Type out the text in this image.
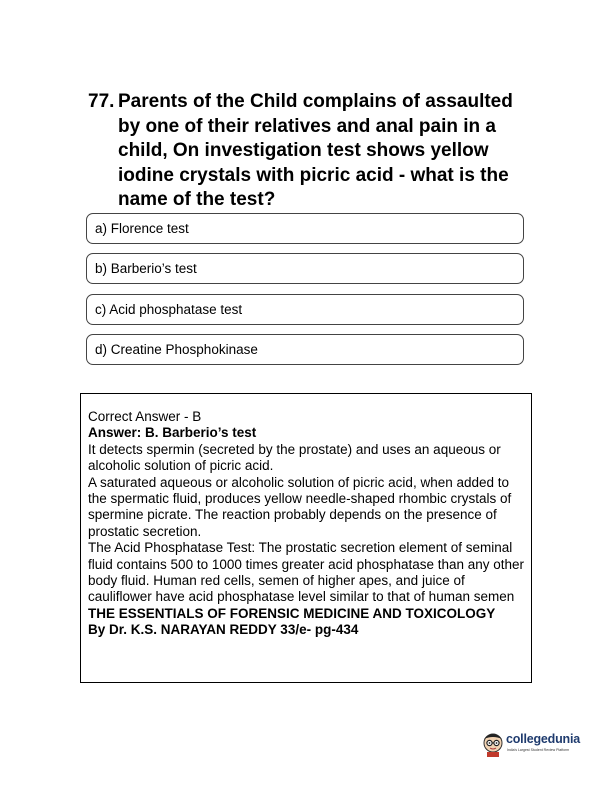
77. Parents of the Child complains of assaulted by one of their relatives and anal pain in a child, On investigation test shows yellow iodine crystals with picric acid - what is the name of the test?
a) Florence test
b) Barberio’s test
c) Acid phosphatase test
d) Creatine Phosphokinase

Correct Answer - B

Answer: B. Barberio’s test

It detects spermin (secreted by the prostate) and uses an aqueous or alcoholic solution of picric acid.

A saturated aqueous or alcoholic solution of picric acid, when added to the spermatic fluid, produces yellow needle-shaped rhombic crystals of spermine picrate. The reaction probably depends on the presence of prostatic secretion.

The Acid Phosphatase Test: The prostatic secretion element of seminal fluid contains 500 to 1000 times greater acid phosphatase than any other body fluid. Human red cells, semen of higher apes, and juice of cauliflower have acid phosphatase level similar to that of human semen

THE ESSENTIALS OF FORENSIC MEDICINE AND TOXICOLOGY

By Dr. K.S. NARAYAN REDDY 33/e- pg-434

collegedunia
India's Largest Student Review Platform
